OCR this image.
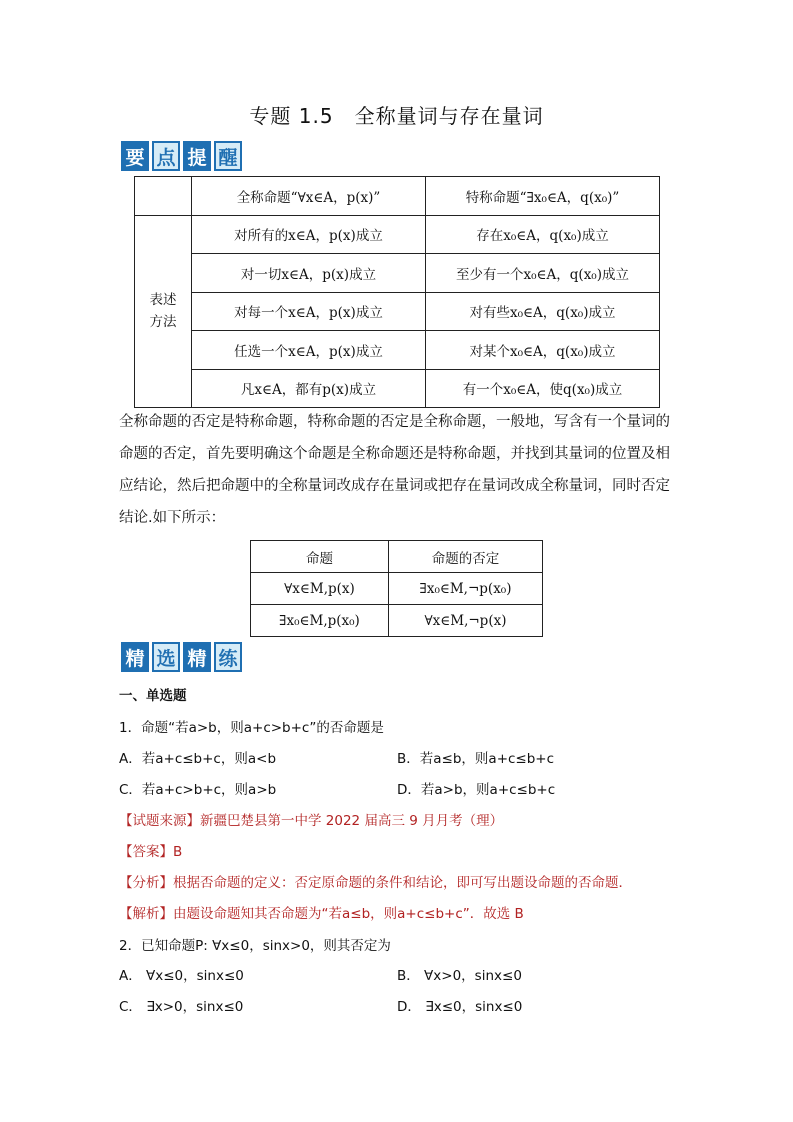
专题 1.5　全称量词与存在量词
要 点 提 醒
	全称命题“∀x∈A，p(x)”	特称命题“∃x₀∈A，q(x₀)”
表述方法	对所有的x∈A，p(x)成立	存在x₀∈A，q(x₀)成立
	对一切x∈A，p(x)成立	至少有一个x₀∈A，q(x₀)成立
	对每一个x∈A，p(x)成立	对有些x₀∈A，q(x₀)成立
	任选一个x∈A，p(x)成立	对某个x₀∈A，q(x₀)成立
	凡x∈A，都有p(x)成立	有一个x₀∈A，使q(x₀)成立
全称命题的否定是特称命题，特称命题的否定是全称命题，一般地，写含有一个量词的命题的否定，首先要明确这个命题是全称命题还是特称命题，并找到其量词的位置及相应结论，然后把命题中的全称量词改成存在量词或把存在量词改成全称量词，同时否定结论.如下所示：
命题	命题的否定
∀x∈M,p(x)	∃x₀∈M,¬p(x₀)
∃x₀∈M,p(x₀)	∀x∈M,¬p(x)
精 选 精 练
一、单选题
1．命题“若a>b，则a+c>b+c”的否命题是
A．若a+c≤b+c，则a<b	B．若a≤b，则a+c≤b+c
C．若a+c>b+c，则a>b	D．若a>b，则a+c≤b+c
【试题来源】新疆巴楚县第一中学 2022 届高三 9 月月考（理）
【答案】B
【分析】根据否命题的定义：否定原命题的条件和结论，即可写出题设命题的否命题．
【解析】由题设命题知其否命题为“若a≤b，则a+c≤b+c”．故选 B
2．已知命题P: ∀x≤0，sinx>0，则其否定为
A． ∀x≤0，sinx≤0	B． ∀x>0，sinx≤0
C． ∃x>0，sinx≤0	D． ∃x≤0，sinx≤0
